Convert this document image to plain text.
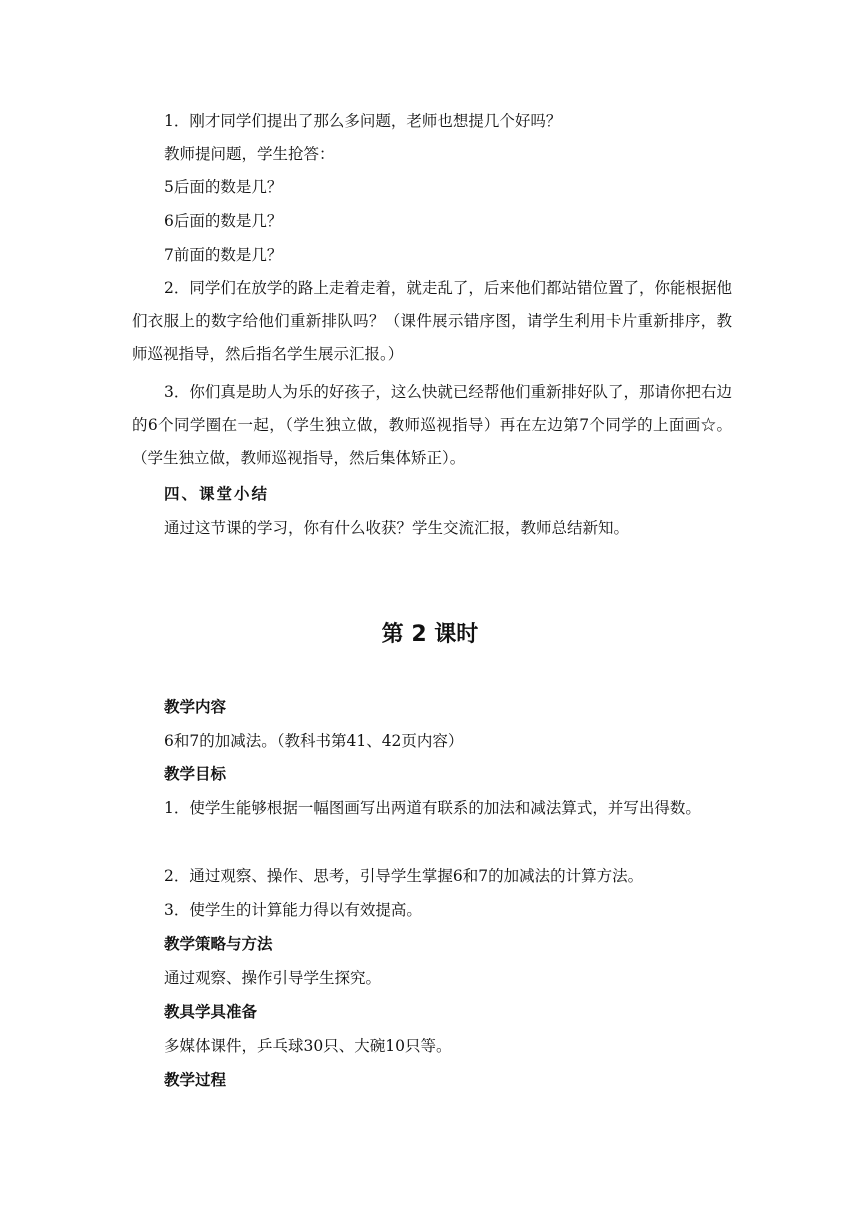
1．刚才同学们提出了那么多问题，老师也想提几个好吗？

教师提问题，学生抢答：

5后面的数是几？

6后面的数是几？

7前面的数是几？

2．同学们在放学的路上走着走着，就走乱了，后来他们都站错位置了，你能根据他们衣服上的数字给他们重新排队吗？（课件展示错序图，请学生利用卡片重新排序，教师巡视指导，然后指名学生展示汇报。）

3．你们真是助人为乐的好孩子，这么快就已经帮他们重新排好队了，那请你把右边的6个同学圈在一起，（学生独立做，教师巡视指导）再在左边第7个同学的上面画☆。（学生独立做，教师巡视指导，然后集体矫正）。

四、课堂小结

通过这节课的学习，你有什么收获？学生交流汇报，教师总结新知。

第 2 课时

教学内容

6和7的加减法。（教科书第41、42页内容）

教学目标

1．使学生能够根据一幅图画写出两道有联系的加法和减法算式，并写出得数。

2．通过观察、操作、思考，引导学生掌握6和7的加减法的计算方法。

3．使学生的计算能力得以有效提高。

教学策略与方法

通过观察、操作引导学生探究。

教具学具准备

多媒体课件，乒乓球30只、大碗10只等。

教学过程
